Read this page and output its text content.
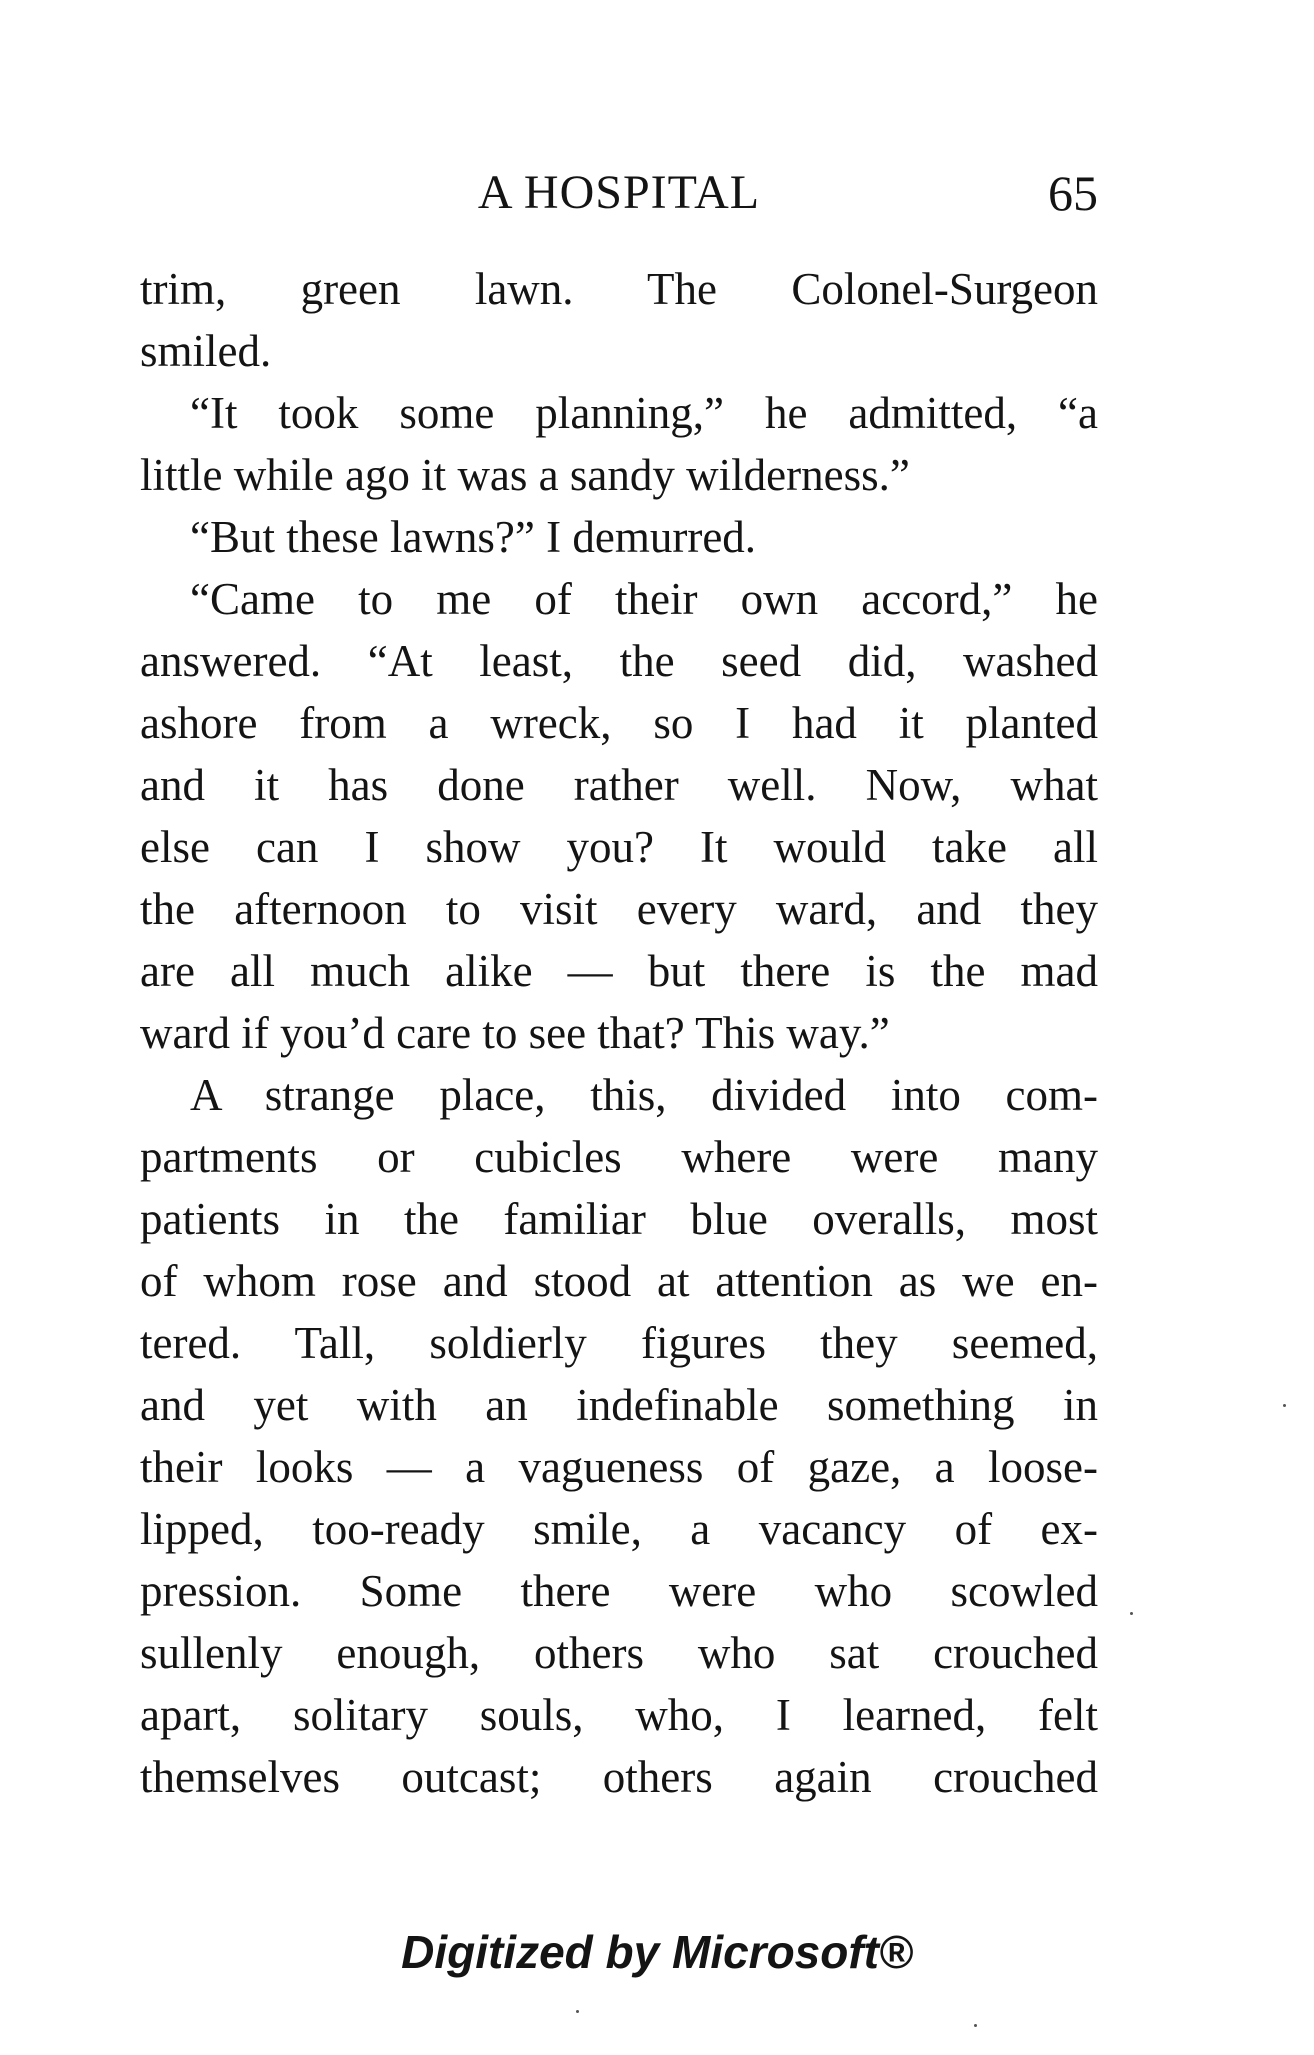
A HOSPITAL	65
trim, green lawn. The Colonel-Surgeon
smiled.
“It took some planning,” he admitted, “a
little while ago it was a sandy wilderness.”
“But these lawns?” I demurred.
“Came to me of their own accord,” he
answered. “At least, the seed did, washed
ashore from a wreck, so I had it planted
and it has done rather well. Now, what
else can I show you? It would take all
the afternoon to visit every ward, and they
are all much alike — but there is the mad
ward if you’d care to see that? This way.”
A strange place, this, divided into com-
partments or cubicles where were many
patients in the familiar blue overalls, most
of whom rose and stood at attention as we en-
tered. Tall, soldierly figures they seemed,
and yet with an indefinable something in
their looks — a vagueness of gaze, a loose-
lipped, too-ready smile, a vacancy of ex-
pression. Some there were who scowled
sullenly enough, others who sat crouched
apart, solitary souls, who, I learned, felt
themselves outcast; others again crouched
Digitized by Microsoft®
